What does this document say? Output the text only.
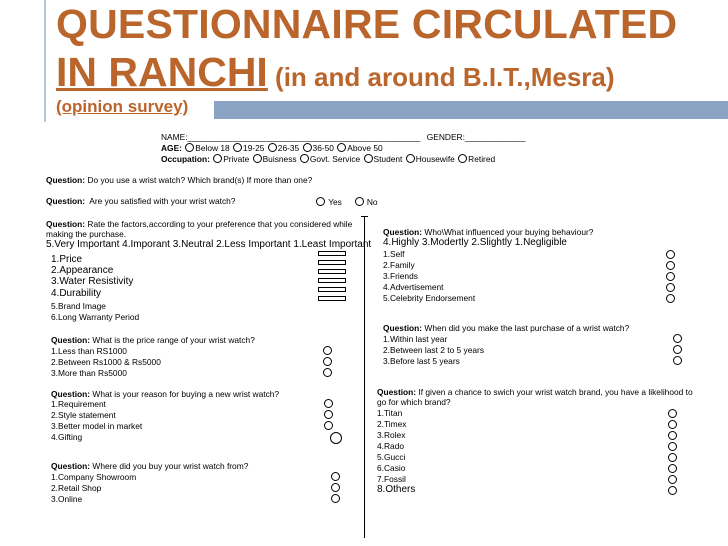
QUESTIONNAIRE CIRCULATED
IN RANCHI (in and around B.I.T.,Mesra)
(opinion survey)
NAME:__________________________________________________ GENDER:_____________
AGE: Below 18 19-25 26-35 36-50 Above 50
Occupation: Private Buisness Govt. Service Student Housewife Retired
Question: Do you use a wrist watch? Which brand(s) If more than one?
Question: Are you satisfied with your wrist watch?	Yes	No
Question: Rate the factors,according to your preference that you considered while
making the purchase.
5.Very Important 4.Imporant 3.Neutral 2.Less Important 1.Least Important
1.Price
2.Appearance
3.Water Resistivity
4.Durability
5.Brand Image
6.Long Warranty Period
Question: What is the price range of your wrist watch?
1.Less than RS1000
2.Between Rs1000 & Rs5000
3.More than Rs5000
Question: What is your reason for buying a new wrist watch?
1.Requirement
2.Style statement
3.Better model in market
4.Gifting
Question: Where did you buy your wrist watch from?
1.Company Showroom
2.Retail Shop
3.Online
Question: Who\What influenced your buying behaviour?
4.Highly 3.Modertly 2.Slightly 1.Negligible
1.Self
2.Family
3.Friends
4.Advertisement
5.Celebrity Endorsement
Question: When did you make the last purchase of a wrist watch?
1.Within last year
2.Between last 2 to 5 years
3.Before last 5 years
Question: If given a chance to swich your wrist watch brand, you have a likelihood to
go for which brand?
1.Titan
2.Timex
3.Rolex
4.Rado
5.Gucci
6.Casio
7.Fossil
8.Others
